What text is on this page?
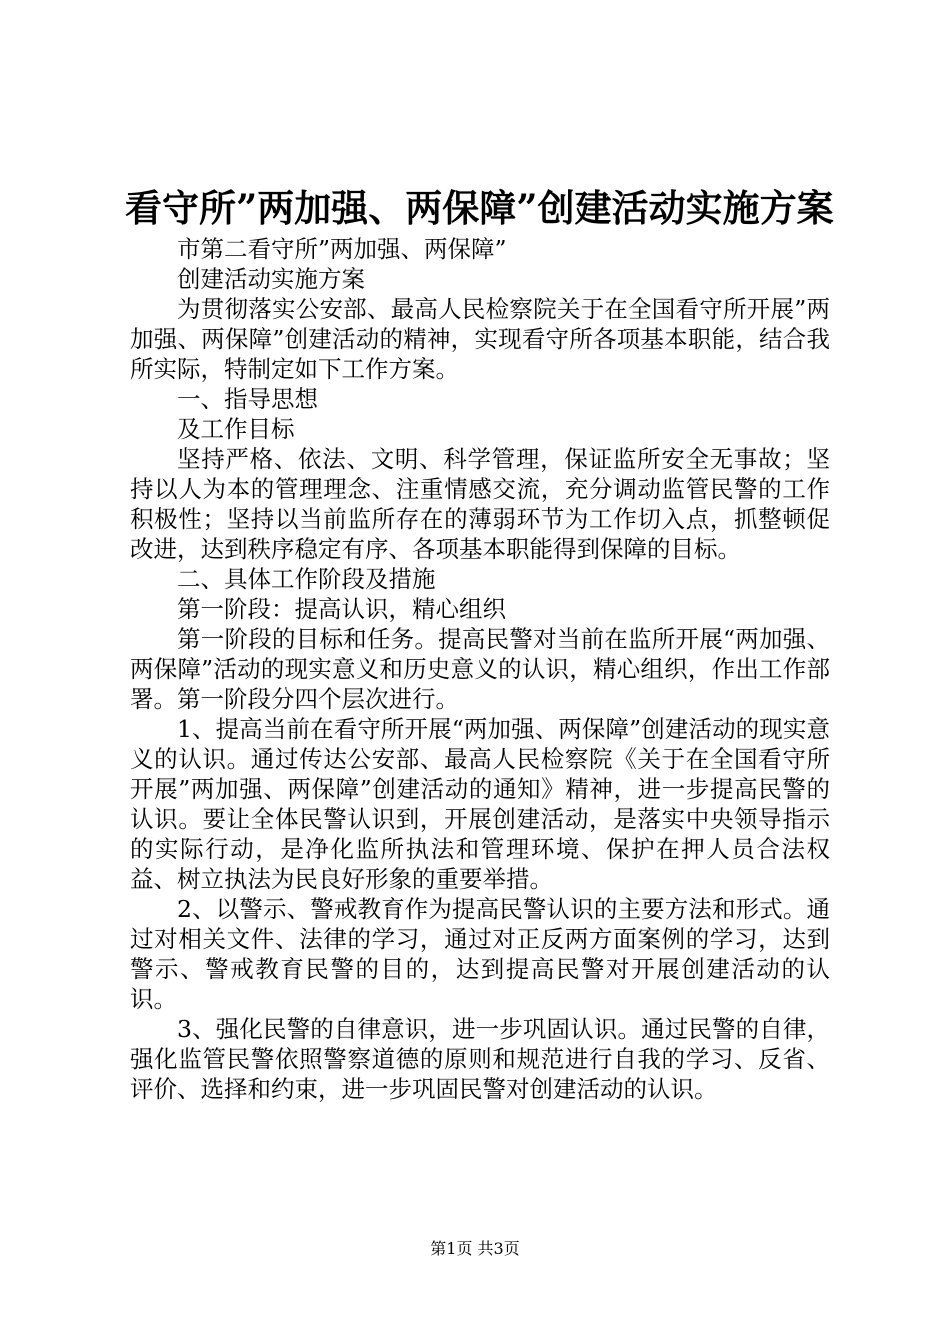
看守所”两加强、两保障”创建活动实施方案

市第二看守所”两加强、两保障”

创建活动实施方案

为贯彻落实公安部、最高人民检察院关于在全国看守所开展”两加强、两保障”创建活动的精神，实现看守所各项基本职能，结合我所实际，特制定如下工作方案。

一、指导思想

及工作目标

坚持严格、依法、文明、科学管理，保证监所安全无事故；坚持以人为本的管理理念、注重情感交流，充分调动监管民警的工作积极性；坚持以当前监所存在的薄弱环节为工作切入点，抓整顿促改进，达到秩序稳定有序、各项基本职能得到保障的目标。

二、具体工作阶段及措施

第一阶段：提高认识，精心组织

第一阶段的目标和任务。提高民警对当前在监所开展“两加强、两保障”活动的现实意义和历史意义的认识，精心组织，作出工作部署。第一阶段分四个层次进行。

1、提高当前在看守所开展“两加强、两保障”创建活动的现实意义的认识。通过传达公安部、最高人民检察院《关于在全国看守所开展”两加强、两保障”创建活动的通知》精神，进一步提高民警的认识。要让全体民警认识到，开展创建活动，是落实中央领导指示的实际行动，是净化监所执法和管理环境、保护在押人员合法权益、树立执法为民良好形象的重要举措。

2、以警示、警戒教育作为提高民警认识的主要方法和形式。通过对相关文件、法律的学习，通过对正反两方面案例的学习，达到警示、警戒教育民警的目的，达到提高民警对开展创建活动的认识。

3、强化民警的自律意识，进一步巩固认识。通过民警的自律，强化监管民警依照警察道德的原则和规范进行自我的学习、反省、评价、选择和约束，进一步巩固民警对创建活动的认识。

第1页 共3页
